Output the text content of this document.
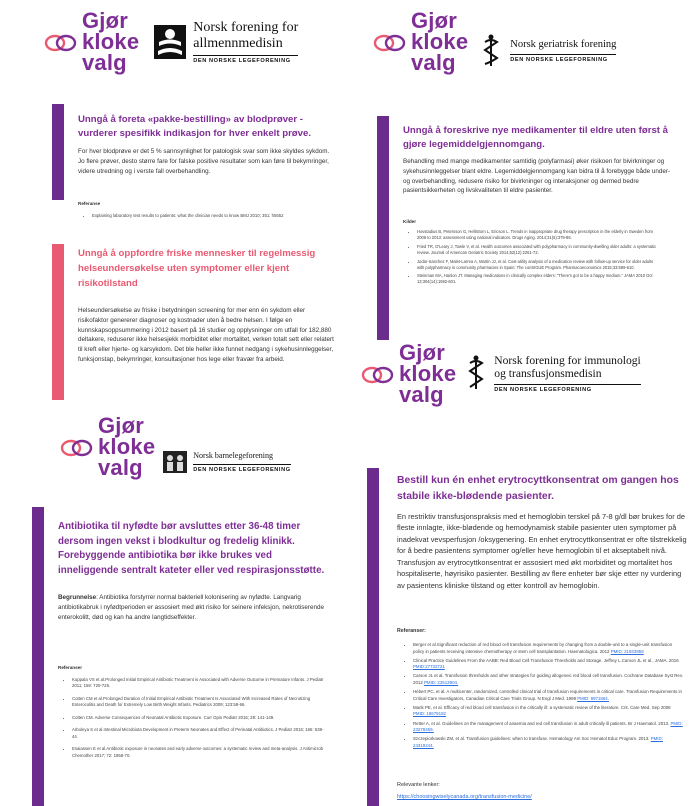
Gjør
kloke
valg
Norsk forening for
allmennmedisin
DEN NORSKE LEGEFORENING
Unngå å foreta «pakke-bestilling» av blodprøver - vurderer spesifikk indikasjon for hver enkelt prøve.
For hver blodprøve er det 5 % sannsynlighet for patologisk svar som ikke skyldes sykdom. Jo flere prøver, desto større fare for falske positive resultater som kan føre til bekymringer, videre utredning og i verste fall overbehandling.
Referanse
• Explaining laboratory test results to patients: what the clinician needs to know BMJ 2010; 351: h5552
Unngå å oppfordre friske mennesker til regelmessig helseundersøkelse uten symptomer eller kjent risikotilstand
Helseundersøkelse av friske i betydningen screening for mer enn én sykdom eller risikofaktor genererer diagnoser og kostnader uten å bedre helsen. I følge en kunnskapsoppsummering i 2012 basert på 16 studier og opplysninger om utfall for 182,880 deltakere, reduserer ikke helsesjekk morbiditet eller mortalitet, verken totalt sett eller relatert til kreft eller hjerte- og karsykdom. Det ble heller ikke funnet nedgang i sykehusinnleggelser, funksjonstap, bekymringer, konsultasjoner hos lege eller fravær fra arbeid.
Gjør
kloke
valg
Norsk geriatrisk forening
DEN NORSKE LEGEFORENING
Unngå å foreskrive nye medikamenter til eldre uten først å gjøre legemiddelgjennomgang.
Behandling med mange medikamenter samtidig (polyfarmasi) øker risikoen for bivirkninger og sykehusinnleggelser blant eldre. Legemiddelgjennomgang kan bidra til å forebygge både under- og overbehandling, redusere risiko for bivirkninger og interaksjoner og dermed bedre pasientsikkerheten og livskvaliteten til eldre pasienter.
Kilder
• Hovstadius B, Petersson G, Hellstrom L, Ericson L. Trends in inappropriate drug therapy prescription in the elderly in Sweden from 2006 to 2013: assessment using national indicators. Drugs Aging. 2014;31(5):379-86.
• Fried TR, O'Leary J, Towle V, et al. Health outcomes associated with polypharmacy in community-dwelling older adults: a systematic review. Journal of American Geriatric Society 2014;62(12):2261-72.
• Jodar-Sanchez F, Malet-Larrea A, Martin JJ, et al. Cost-utility analysis of a medication review with follow-up service for older adults with polypharmacy in community pharmacies in Spain: The conSIGUE Program. Pharmacoeconomics 2015;33:599-610.
• Steinman MA, Hanlon JT. Managing medications in clinically complex elders: "There's got to be a happy medium." JAMA 2010 Oct 13;304(14):1592-601.
Gjør
kloke
valg	Norsk barnelegeforening
DEN NORSKE LEGEFORENING
Antibiotika til nyfødte bør avsluttes etter 36-48 timer dersom ingen vekst i blodkultur og fredelig klinikk. Forebyggende antibiotika bør ikke brukes ved inneliggende sentralt kateter eller ved respirasjonsstøtte.
Begrunnelse: Antibiotika forstyrrer normal bakteriell kolonisering av nyfødte. Langvarig antibiotikabruk i nyfødtperioden er assosiert med økt risiko for seinere infeksjon, nekrotiserende enterokolitt, død og kan ha andre langtidseffekter.
Referanser
• Kuppala VS et al.Prolonged Initial Empirical Antibiotic Treatment is Associated with Adverse Outcome in Premature Infants. J Pediatr 2011; 159: 720-725.
• Cotten CM et al.Prolonged Duration of Initial Empirical Antibiotic Treatment Is Associated With Increased Rates of Necrotizing Enterocolitis and Death for Extremely Low Birth Weight Infants. Pediatrics 2009; 123:58-66.
• Cotten CM. Adverse Consequences of Neonatal Antibiotic Exposure. Curr Opin Pediatr 2016; 28: 141-149.
• Arboleya S et al.Intestinal Microbiota Development in Preterm Neonates and Effect of Perinatal Antibiotics. J Pediatr 2015; 166: 538-44.
• Esaiassen E et al.Antibiotic exposure in neonates and early adverse outcomes: a systematic review and meta-analysis. J Antimicrob Chemother 2017; 72: 1858-70.
Gjør
kloke
valg
Norsk forening for immunologi
og transfusjonsmedisin
DEN NORSKE LEGEFORENING
Bestill kun én enhet erytrocyttkonsentrat om gangen hos stabile ikke-blødende pasienter.
En restriktiv transfusjonspraksis med et hemoglobin terskel på 7-8 g/dl bør brukes for de fleste innlagte, ikke-blødende og hemodynamisk stabile pasienter uten symptomer på inadekvat vevsperfusjon /oksygenering. En enhet erytrocyttkonsentrat er ofte tilstrekkelig for å bedre pasientens symptomer og/eller heve hemoglobin til et akseptabelt nivå. Transfusjon av erytrocyttkonsentrat er assosiert med økt morbiditet og mortalitet hos hospitaliserte, høyrisiko pasienter. Bestilling av flere enheter bør skje etter ny vurdering av pasientens kliniske tilstand og etter kontroll av hemoglobin.
Referanser:
• Berger et al.Significant reduction of red blood cell transfusion requirements by changing from a double-unit to a single-unit transfusion policy in patients receiving intensive chemotherapy or stem cell transplantation. Haematologica. 2012 PMID: 21933858
• Clinical Practice Guidelines From the AABB: Red Blood Cell Transfusion Thresholds and Storage. Jeffrey L.Carson JL et al., JAMA. 2016 PMID:27732721
• Carson JL et al. Transfusion thresholds and other strategies for guiding allogeneic red blood cell transfusion. Cochrane Database Syst Rev. 2012 PMID: 22513904.
• Hébert PC, et al. A multicenter, randomized, controlled clinical trial of transfusion requirements in critical care. Transfusion Requirements in Critical Care Investigators, Canadian Critical Care Trials Group. N Engl J Med. 1999 PMID: 9971864.
• Marik PE, et al. Efficacy of red blood cell transfusion in the critically ill: a systematic review of the literature. Crit. Care Med. Sep 2008 PMID: 18679182
• Retter A, et al. Guidelines on the management of anaemia and red cell transfusion in adult critically ill patients. Br J Haematol. 2013. PMID: 23278459.
• Szczepiorkowski ZM, et al. Transfusion guidelines: when to transfuse. Hematology Am Soc Hematol Educ Program. 2013. PMID: 24319244.
Relevante lenker:
https://choosingwiselycanada.org/transfusion-medicine/
